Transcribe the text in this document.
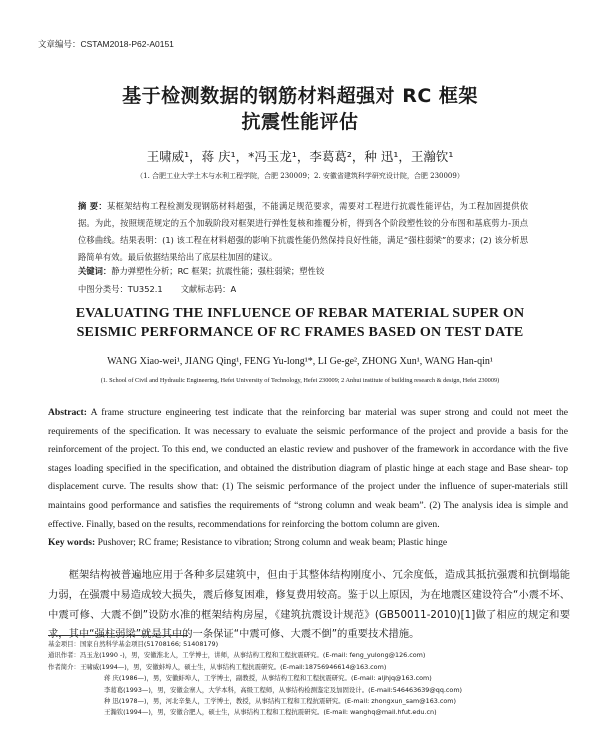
文章编号：CSTAM2018-P62-A0151
基于检测数据的钢筋材料超强对 RC 框架
抗震性能评估
王啸威¹，蒋 庆¹，*冯玉龙¹，李葛葛²，种 迅¹，王瀚钦¹
（1. 合肥工业大学土木与水利工程学院，合肥 230009；2. 安徽省建筑科学研究设计院，合肥 230009）
摘 要：某框架结构工程检测发现钢筋材料超强，不能满足规范要求，需要对工程进行抗震性能评估，为工程加固提供依据。为此，按照规范规定的五个加载阶段对框架进行弹性复核和推覆分析，得到各个阶段塑性铰的分布图和基底剪力-顶点位移曲线。结果表明：(1) 该工程在材料超强的影响下抗震性能仍然保持良好性能，满足“强柱弱梁”的要求；(2) 该分析思路简单有效。最后依据结果给出了底层柱加固的建议。
关键词：静力弹塑性分析；RC 框架；抗震性能；强柱弱梁；塑性铰
中图分类号：TU352.1 文献标志码：A
EVALUATING THE INFLUENCE OF REBAR MATERIAL SUPER ON
SEISMIC PERFORMANCE OF RC FRAMES BASED ON TEST DATE
WANG Xiao-wei¹, JIANG Qing¹, FENG Yu-long¹*, LI Ge-ge², ZHONG Xun¹, WANG Han-qin¹
(1. School of Civil and Hydraulic Engineering, Hefei University of Technology, Hefei 230009; 2 Anhui institute of building research & design, Hefei 230009)

Abstract: A frame structure engineering test indicate that the reinforcing bar material was super strong and could not meet the requirements of the specification. It was necessary to evaluate the seismic performance of the project and provide a basis for the reinforcement of the project. To this end, we conducted an elastic review and pushover of the framework in accordance with the five stages loading specified in the specification, and obtained the distribution diagram of plastic hinge at each stage and Base shear- top displacement curve. The results show that: (1) The seismic performance of the project under the influence of super-materials still maintains good performance and satisfies the requirements of “strong column and weak beam”. (2) The analysis idea is simple and effective. Finally, based on the results, recommendations for reinforcing the bottom column are given.

Key words: Pushover; RC frame; Resistance to vibration; Strong column and weak beam; Plastic hinge

框架结构被普遍地应用于各种多层建筑中，但由于其整体结构刚度小、冗余度低，造成其抵抗强震和抗倒塌能力弱，在强震中易造成较大损失，震后修复困难，修复费用较高。鉴于以上原因，为在地震区建设符合“小震不坏、中震可修、大震不倒”设防水准的框架结构房屋，《建筑抗震设计规范》(GB50011-2010)[1]做了相应的规定和要求，其中“强柱弱梁”就是其中的一条保证“中震可修、大震不倒”的重要技术措施。

基金项目：国家自然科学基金项目(51708166; 51408179)
通讯作者：冯玉龙(1990 -)，男，安徽淮北人，工学博士，讲师，从事结构工程和工程抗震研究。(E-mail: feng_yulong@126.com)
作者简介：王啸威(1994—)，男，安徽蚌埠人，硕士生，从事结构工程抗震研究。(E-mail:18756946614@163.com)
蒋 庆(1986—)，男，安徽蚌埠人，工学博士，副教授，从事结构工程和工程抗震研究。(E-mail: aljhjq@163.com)
李葛葛(1993—)，男，安徽金寨人，大学本科，高级工程师，从事结构检测鉴定及加固设计。(E-mail:546463639@qq.com)
种 迅(1978—)，男，河北辛集人，工学博士，教授，从事结构工程和工程抗震研究。(E-mail: zhongxun_sam@163.com)
王瀚钦(1994—)，男，安徽合肥人，硕士生，从事结构工程和工程抗震研究。(E-mail: wanghq@mail.hfut.edu.cn)
